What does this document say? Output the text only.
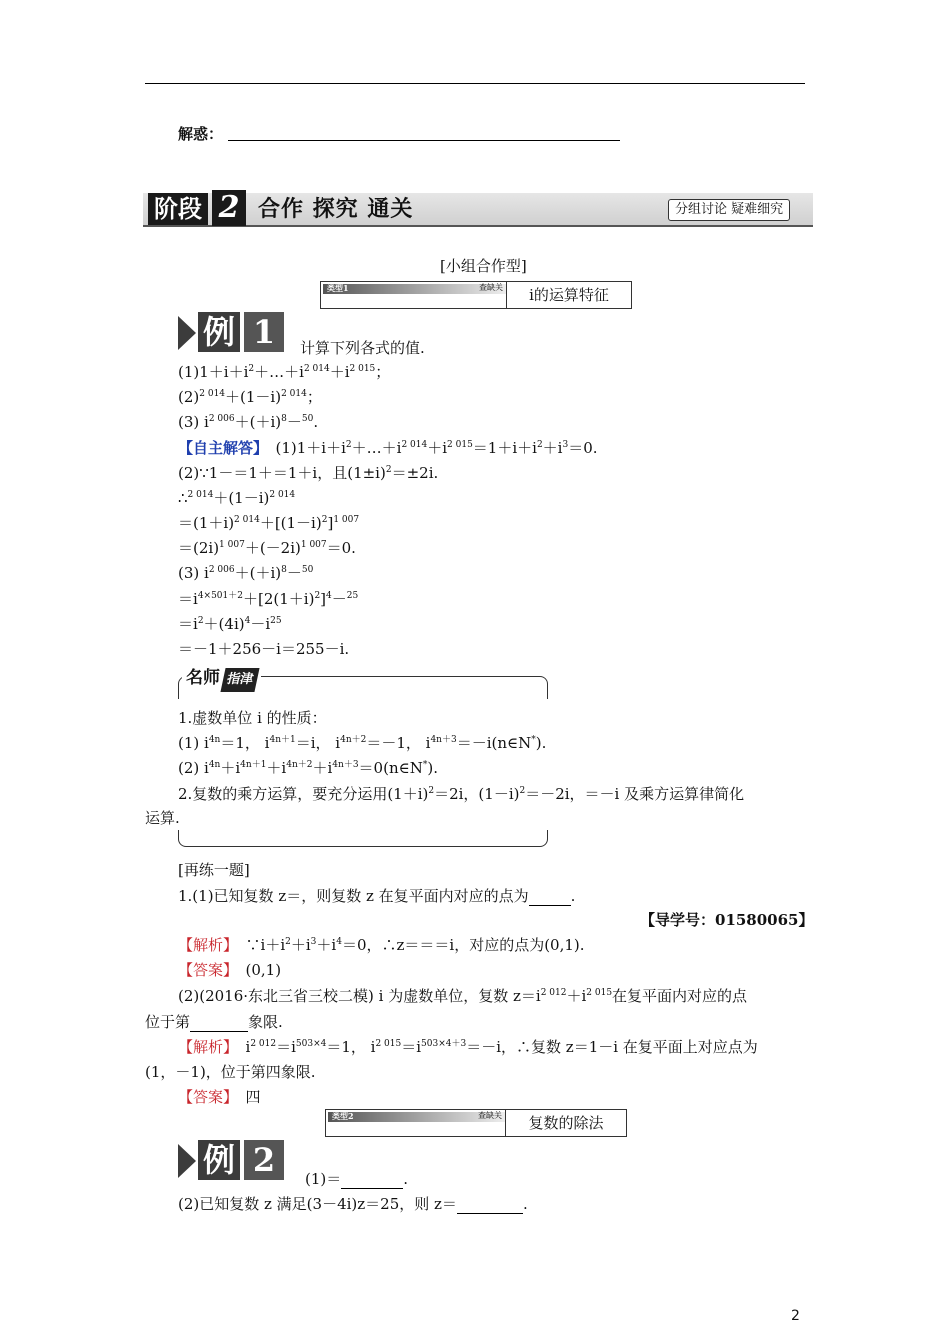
解惑：
阶段 2 合作 探究 通关	分组讨论 疑难细究
[小组合作型]
类型1	查缺关	i的运算特征
例 1	计算下列各式的值.
$(1)1+i+i^2+\dots+i^{2 014}+i^{2 015}$；
$(2)^{2 014}+(1-i)^{2 014}$；
(3) $i^{2 006}+(+i)^8-^{50}$.
【自主解答】　$(1)1+i+i^2+\dots+i^{2 014}+i^{2 015}=1+i+i^2+i^3=0$.
(2)∵1－＝1＋＝1＋i，且$(1\pm i)^2=\pm 2i$.
$\therefore^{2 014}+(1-i)^{2 014}$
$=(1+i)^{2 014}+[(1-i)^2]^{1 007}$
$=(2i)^{1 007}+(-2i)^{1 007}=0$.
(3) $i^{2 006}+(+i)^8-^{50}$
$=i^{4\times 501+2}+[2(1+i)^2]^4-^{25}$
$=i^2+(4i)^4-i^{25}$
＝－1＋256－i＝255－i.
名师 指津
1.虚数单位 i 的性质：
(1) $i^{4n}=1$， $i^{4n+1}=i$， $i^{4n+2}=-1$， $i^{4n+3}=-i(n\in N^*)$.
(2) $i^{4n}+i^{4n+1}+i^{4n+2}+i^{4n+3}=0(n\in N^*)$.
2.复数的乘方运算，要充分运用$(1+i)^2=2i$，$(1-i)^2=-2i$，＝－i 及乘方运算律简化
运算.
[再练一题]
1.(1)已知复数 z＝，则复数 z 在复平面内对应的点为	.
【导学号：01580065】
【解析】　$\because i+i^2+i^3+i^4=0$，∴z＝＝＝i，对应的点为(0,1).
【答案】　(0,1)
(2)(2016·东北三省三校二模) i 为虚数单位，复数 $z=i^{2 012}+i^{2 015}$在复平面内对应的点
位于第	象限.
【解析】　$i^{2 012}=i^{503\times 4}=1$， $i^{2 015}=i^{503\times 4+3}=-i$，∴复数 z＝1－i 在复平面上对应点为
(1，－1)，位于第四象限.
【答案】　四
类型2	查缺关	复数的除法
例 2	(1)＝	.
(2)已知复数 z 满足(3－4i)z＝25，则 z＝	.
2
